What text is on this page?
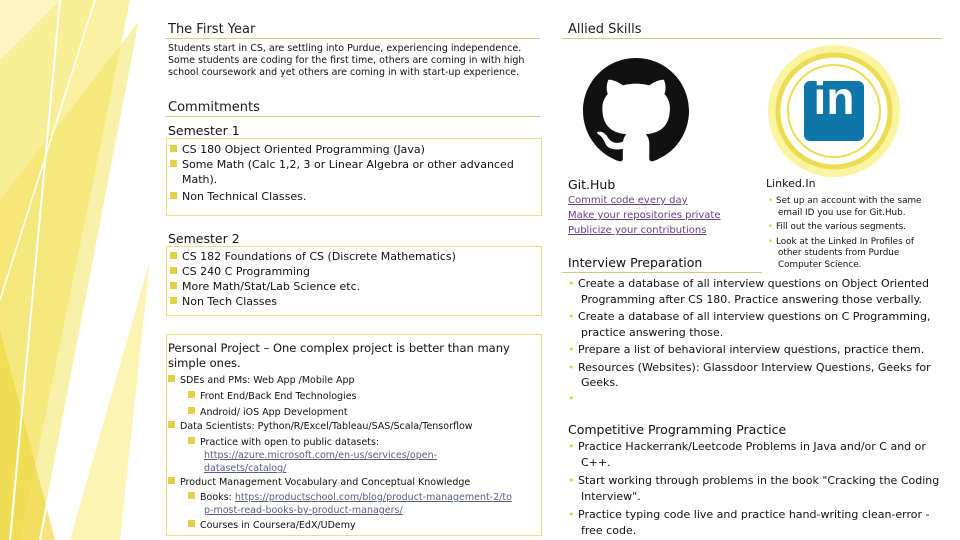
The First Year
Students start in CS, are settling into Purdue, experiencing independence. Some students are coding for the first time, others are coming in with high school coursework and yet others are coming in with start-up experience.
Commitments
Semester 1
CS 180 Object Oriented Programming (Java)
Some Math (Calc 1,2, 3 or Linear Algebra or other advanced Math).
Non Technical Classes.
Semester 2
CS 182 Foundations of CS (Discrete Mathematics)
CS 240 C Programming
More Math/Stat/Lab Science etc.
Non Tech Classes
Personal Project – One complex project is better than many simple ones.
SDEs and PMs: Web App /Mobile App
Front End/Back End Technologies
Android/ iOS App Development
Data Scientists: Python/R/Excel/Tableau/SAS/Scala/Tensorflow
Practice with open to public datasets:
https://azure.microsoft.com/en-us/services/open-datasets/catalog/
Product Management Vocabulary and Conceptual Knowledge
Books: https://productschool.com/blog/product-management-2/top-most-read-books-by-product-managers/
Courses in Coursera/EdX/UDemy
Allied Skills
in
Git.Hub
Commit code every day
Make your repositories private
Publicize your contributions
Linked.In
• Set up an account with the same email ID you use for Git.Hub.
• Fill out the various segments.
• Look at the Linked In Profiles of other students from Purdue Computer Science.
Interview Preparation
• Create a database of all interview questions on Object Oriented Programming after CS 180. Practice answering those verbally.
• Create a database of all interview questions on C Programming, practice answering those.
• Prepare a list of behavioral interview questions, practice them.
• Resources (Websites): Glassdoor Interview Questions, Geeks for Geeks.
•
Competitive Programming Practice
• Practice Hackerrank/Leetcode Problems in Java and/or C and or C++.
• Start working through problems in the book "Cracking the Coding Interview".
• Practice typing code live and practice hand-writing clean-error -free code.
